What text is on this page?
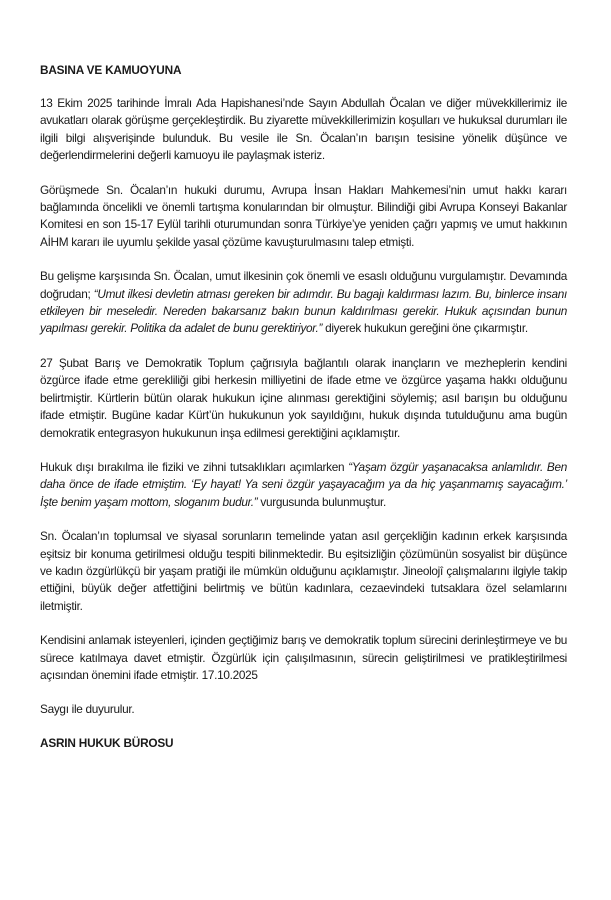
BASINA VE KAMUOYUNA

13 Ekim 2025 tarihinde İmralı Ada Hapishanesi’nde Sayın Abdullah Öcalan ve diğer müvekkillerimiz ile avukatları olarak görüşme gerçekleştirdik. Bu ziyarette müvekkillerimizin koşulları ve hukuksal durumları ile ilgili bilgi alışverişinde bulunduk. Bu vesile ile Sn. Öcalan’ın barışın tesisine yönelik düşünce ve değerlendirmelerini değerli kamuoyu ile paylaşmak isteriz.

Görüşmede Sn. Öcalan’ın hukuki durumu, Avrupa İnsan Hakları Mahkemesi’nin umut hakkı kararı bağlamında öncelikli ve önemli tartışma konularından bir olmuştur. Bilindiği gibi Avrupa Konseyi Bakanlar Komitesi en son 15-17 Eylül tarihli oturumundan sonra Türkiye’ye yeniden çağrı yapmış ve umut hakkının AİHM kararı ile uyumlu şekilde yasal çözüme kavuşturulmasını talep etmişti.

Bu gelişme karşısında Sn. Öcalan, umut ilkesinin çok önemli ve esaslı olduğunu vurgulamıştır. Devamında doğrudan; “Umut ilkesi devletin atması gereken bir adımdır. Bu bagajı kaldırması lazım. Bu, binlerce insanı etkileyen bir meseledir. Nereden bakarsanız bakın bunun kaldırılması gerekir. Hukuk açısından bunun yapılması gerekir. Politika da adalet de bunu gerektiriyor.” diyerek hukukun gereğini öne çıkarmıştır.

27 Şubat Barış ve Demokratik Toplum çağrısıyla bağlantılı olarak inançların ve mezheplerin kendini özgürce ifade etme gerekliliği gibi herkesin milliyetini de ifade etme ve özgürce yaşama hakkı olduğunu belirtmiştir. Kürtlerin bütün olarak hukukun içine alınması gerektiğini söylemiş; asıl barışın bu olduğunu ifade etmiştir. Bugüne kadar Kürt’ün hukukunun yok sayıldığını, hukuk dışında tutulduğunu ama bugün demokratik entegrasyon hukukunun inşa edilmesi gerektiğini açıklamıştır.

Hukuk dışı bırakılma ile fiziki ve zihni tutsaklıkları açımlarken “Yaşam özgür yaşanacaksa anlamlıdır. Ben daha önce de ifade etmiştim. ‘Ey hayat! Ya seni özgür yaşayacağım ya da hiç yaşanmamış sayacağım.’ İşte benim yaşam mottom, sloganım budur.” vurgusunda bulunmuştur.

Sn. Öcalan’ın toplumsal ve siyasal sorunların temelinde yatan asıl gerçekliğin kadının erkek karşısında eşitsiz bir konuma getirilmesi olduğu tespiti bilinmektedir. Bu eşitsizliğin çözümünün sosyalist bir düşünce ve kadın özgürlükçü bir yaşam pratiği ile mümkün olduğunu açıklamıştır. Jineolojî çalışmalarını ilgiyle takip ettiğini, büyük değer atfettiğini belirtmiş ve bütün kadınlara, cezaevindeki tutsaklara özel selamlarını iletmiştir.

Kendisini anlamak isteyenleri, içinden geçtiğimiz barış ve demokratik toplum sürecini derinleştirmeye ve bu sürece katılmaya davet etmiştir. Özgürlük için çalışılmasının, sürecin geliştirilmesi ve pratikleştirilmesi açısından önemini ifade etmiştir. 17.10.2025

Saygı ile duyurulur.

ASRIN HUKUK BÜROSU
